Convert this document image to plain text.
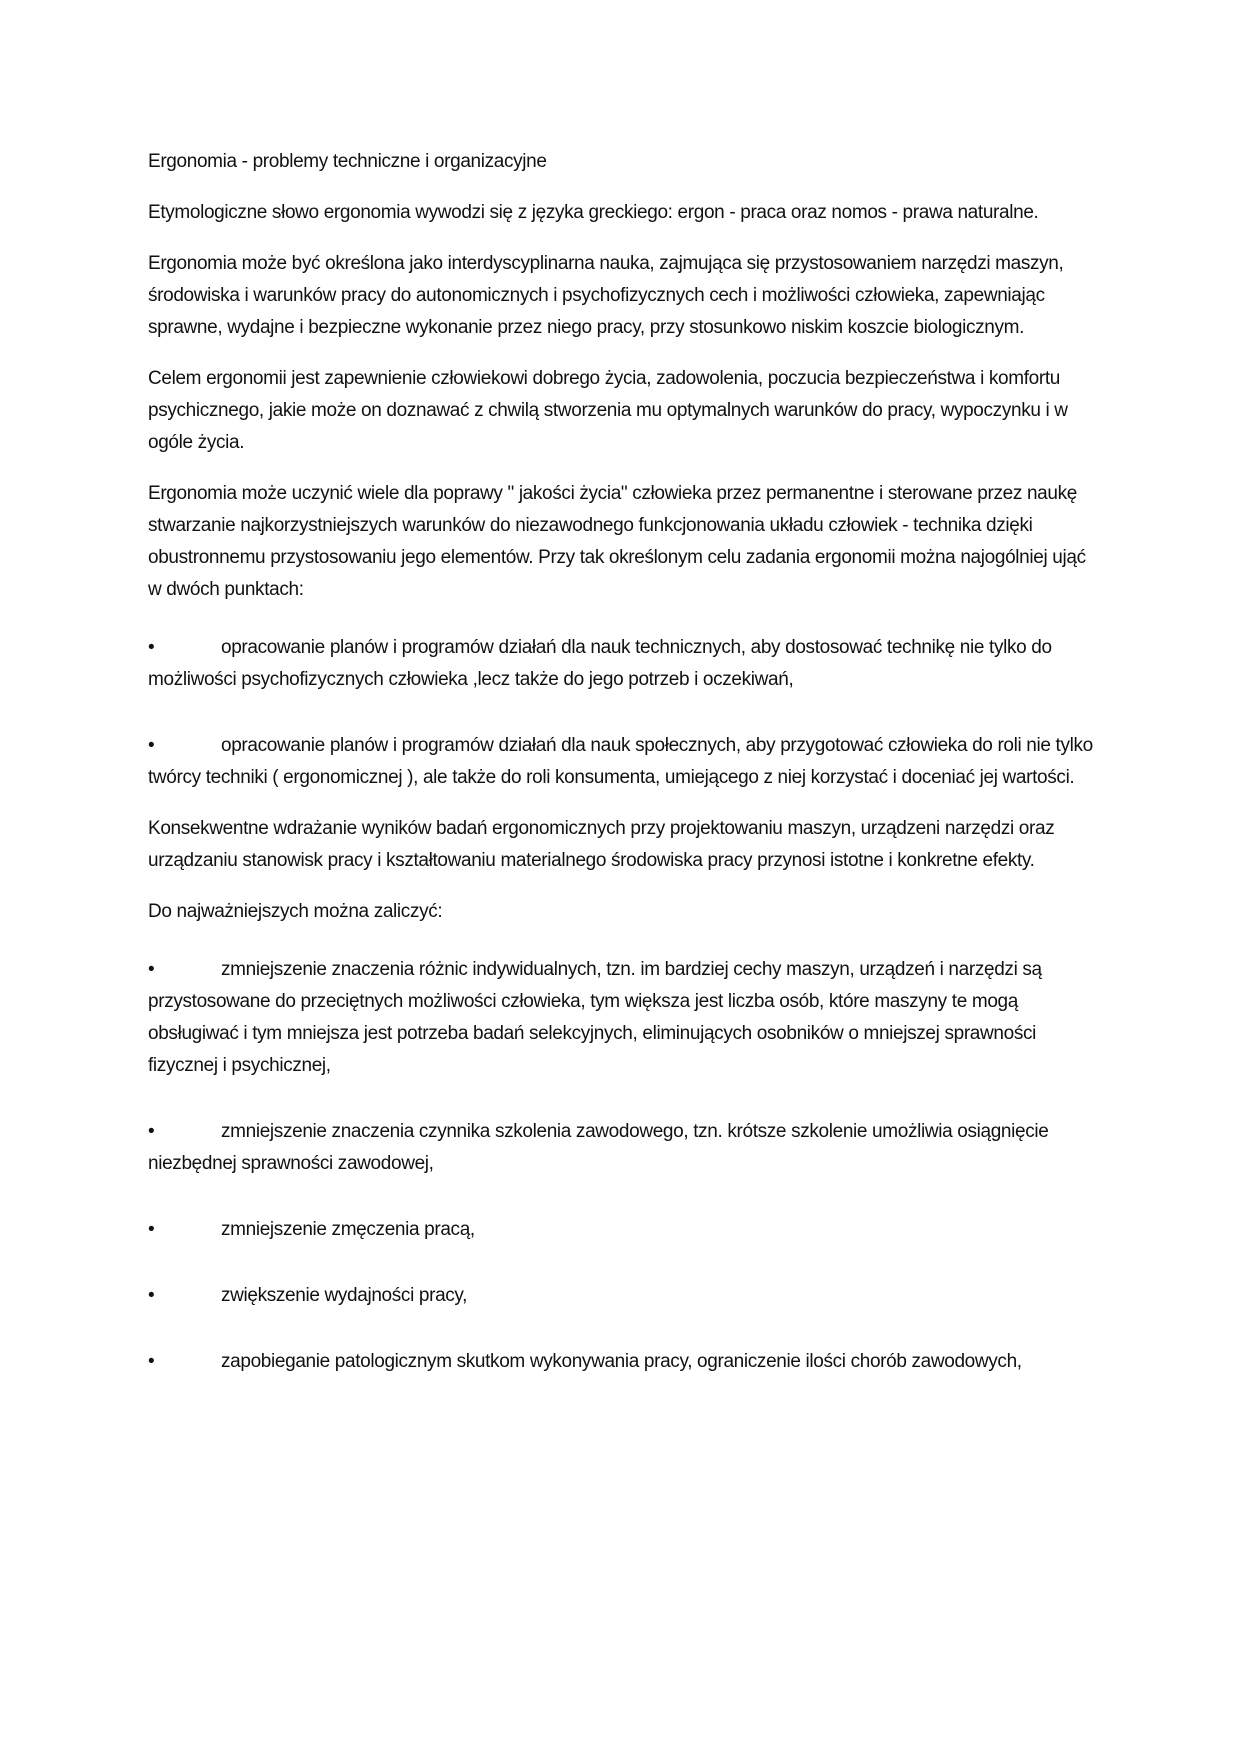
Ergonomia - problemy techniczne i organizacyjne

Etymologiczne słowo ergonomia wywodzi się z języka greckiego: ergon - praca oraz nomos - prawa naturalne.

Ergonomia może być określona jako interdyscyplinarna nauka, zajmująca się przystosowaniem narzędzi maszyn, środowiska i warunków pracy do autonomicznych i psychofizycznych cech i możliwości człowieka, zapewniając sprawne, wydajne i bezpieczne wykonanie przez niego pracy, przy stosunkowo niskim koszcie biologicznym.

Celem ergonomii jest zapewnienie człowiekowi dobrego życia, zadowolenia, poczucia bezpieczeństwa i komfortu psychicznego, jakie może on doznawać z chwilą stworzenia mu optymalnych warunków do pracy, wypoczynku i w ogóle życia.

Ergonomia może uczynić wiele dla poprawy " jakości życia" człowieka przez permanentne i sterowane przez naukę stwarzanie najkorzystniejszych warunków do niezawodnego funkcjonowania układu człowiek - technika dzięki obustronnemu przystosowaniu jego elementów. Przy tak określonym celu zadania ergonomii można najogólniej ująć w dwóch punktach:

•	opracowanie planów i programów działań dla nauk technicznych, aby dostosować technikę nie tylko do możliwości psychofizycznych człowieka ,lecz także do jego potrzeb i oczekiwań,
•	opracowanie planów i programów działań dla nauk społecznych, aby przygotować człowieka do roli nie tylko twórcy techniki ( ergonomicznej ), ale także do roli konsumenta, umiejącego z niej korzystać i doceniać jej wartości.

Konsekwentne wdrażanie wyników badań ergonomicznych przy projektowaniu maszyn, urządzeni narzędzi oraz urządzaniu stanowisk pracy i kształtowaniu materialnego środowiska pracy przynosi istotne i konkretne efekty.

Do najważniejszych można zaliczyć:

•	zmniejszenie znaczenia różnic indywidualnych, tzn. im bardziej cechy maszyn, urządzeń i narzędzi są przystosowane do przeciętnych możliwości człowieka, tym większa jest liczba osób, które maszyny te mogą obsługiwać i tym mniejsza jest potrzeba badań selekcyjnych, eliminujących osobników o mniejszej sprawności fizycznej i psychicznej,
•	zmniejszenie znaczenia czynnika szkolenia zawodowego, tzn. krótsze szkolenie umożliwia osiągnięcie niezbędnej sprawności zawodowej,
•	zmniejszenie zmęczenia pracą,
•	zwiększenie wydajności pracy,
•	zapobieganie patologicznym skutkom wykonywania pracy, ograniczenie ilości chorób zawodowych,
